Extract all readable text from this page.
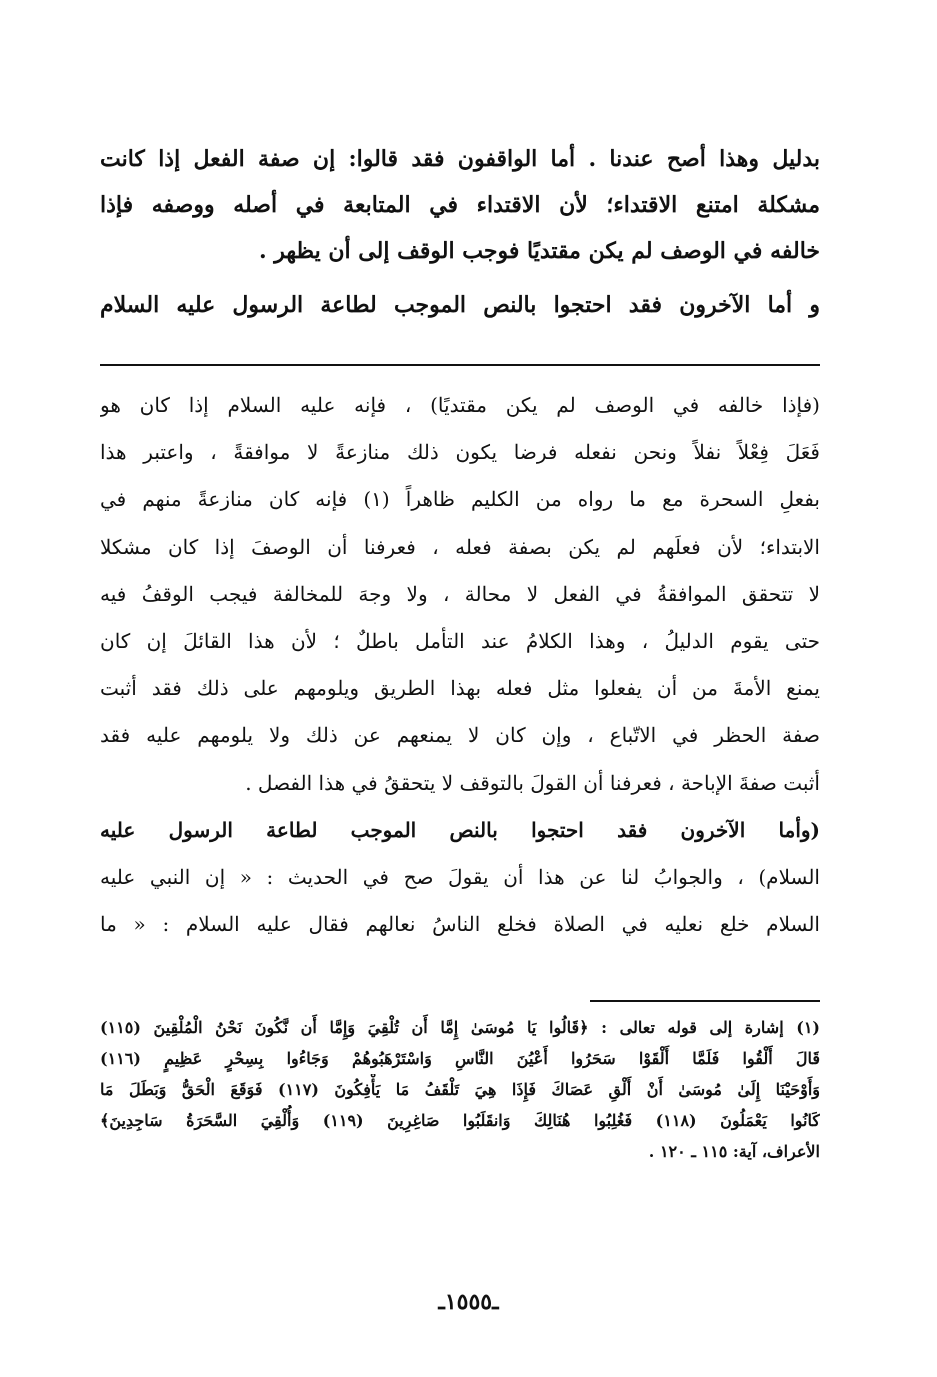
بدليل وهذا أصح عندنا . أما الواقفون فقد قالوا: إن صفة الفعل إذا كانت
مشكلة امتنع الاقتداء؛ لأن الاقتداء في المتابعة في أصله ووصفه فإذا
خالفه في الوصف لم يكن مقتديًا فوجب الوقف إلى أن يظهر .
و أما الآخرون فقد احتجوا بالنص الموجب لطاعة الرسول عليه السلام
(فإذا خالفه في الوصف لم يكن مقتديًا) ، فإنه عليه السلام إذا كان هو
فَعَلَ فِعْلاً نفلاً ونحن نفعله فرضا يكون ذلك منازعةً لا موافقةً ، واعتبر هذا
بفعلِ السحرة مع ما رواه من الكليم ظاهراً (١) فإنه كان منازعةً منهم في
الابتداء؛ لأن فعلَهم لم يكن بصفة فعله ، فعرفنا أن الوصفَ إذا كان مشكلا
لا تتحقق الموافقةُ في الفعل لا محالة ، ولا وجهَ للمخالفة فيجب الوقفُ فيه
حتى يقوم الدليلُ ، وهذا الكلامُ عند التأمل باطلٌ ؛ لأن هذا القائلَ إن كان
يمنع الأمةَ من أن يفعلوا مثل فعله بهذا الطريق ويلومهم على ذلك فقد أثبت
صفة الحظر في الاتّباع ، وإن كان لا يمنعهم عن ذلك ولا يلومهم عليه فقد
أثبت صفةَ الإباحة ، فعرفنا أن القولَ بالتوقف لا يتحققُ في هذا الفصل .
(وأما الآخرون فقد احتجوا بالنص الموجب لطاعة الرسول عليه
السلام) ، والجوابُ لنا عن هذا أن يقولَ صح في الحديث : « إن النبي عليه
السلام خلع نعليه في الصلاة فخلع الناسُ نعالهم فقال عليه السلام : « ما
(١) إشارة إلى قوله تعالى : ﴿قَالُوا يَا مُوسَىٰ إِمَّا أَن تُلْقِيَ وَإِمَّا أَن نَّكُونَ نَحْنُ الْمُلْقِينَ (١١٥)
قَالَ أَلْقُوا فَلَمَّا أَلْقَوْا سَحَرُوا أَعْيُنَ النَّاسِ وَاسْتَرْهَبُوهُمْ وَجَاءُوا بِسِحْرٍ عَظِيمٍ (١١٦)
وَأَوْحَيْنَا إِلَىٰ مُوسَىٰ أَنْ أَلْقِ عَصَاكَ فَإِذَا هِيَ تَلْقَفُ مَا يَأْفِكُونَ (١١٧) فَوَقَعَ الْحَقُّ وَبَطَلَ مَا
كَانُوا يَعْمَلُونَ (١١٨) فَغُلِبُوا هُنَالِكَ وَانقَلَبُوا صَاغِرِينَ (١١٩) وَأُلْقِيَ السَّحَرَةُ سَاجِدِينَ﴾
الأعراف، آية: ١١٥ ـ ١٢٠ .
ـ١٥٥٥ـ
